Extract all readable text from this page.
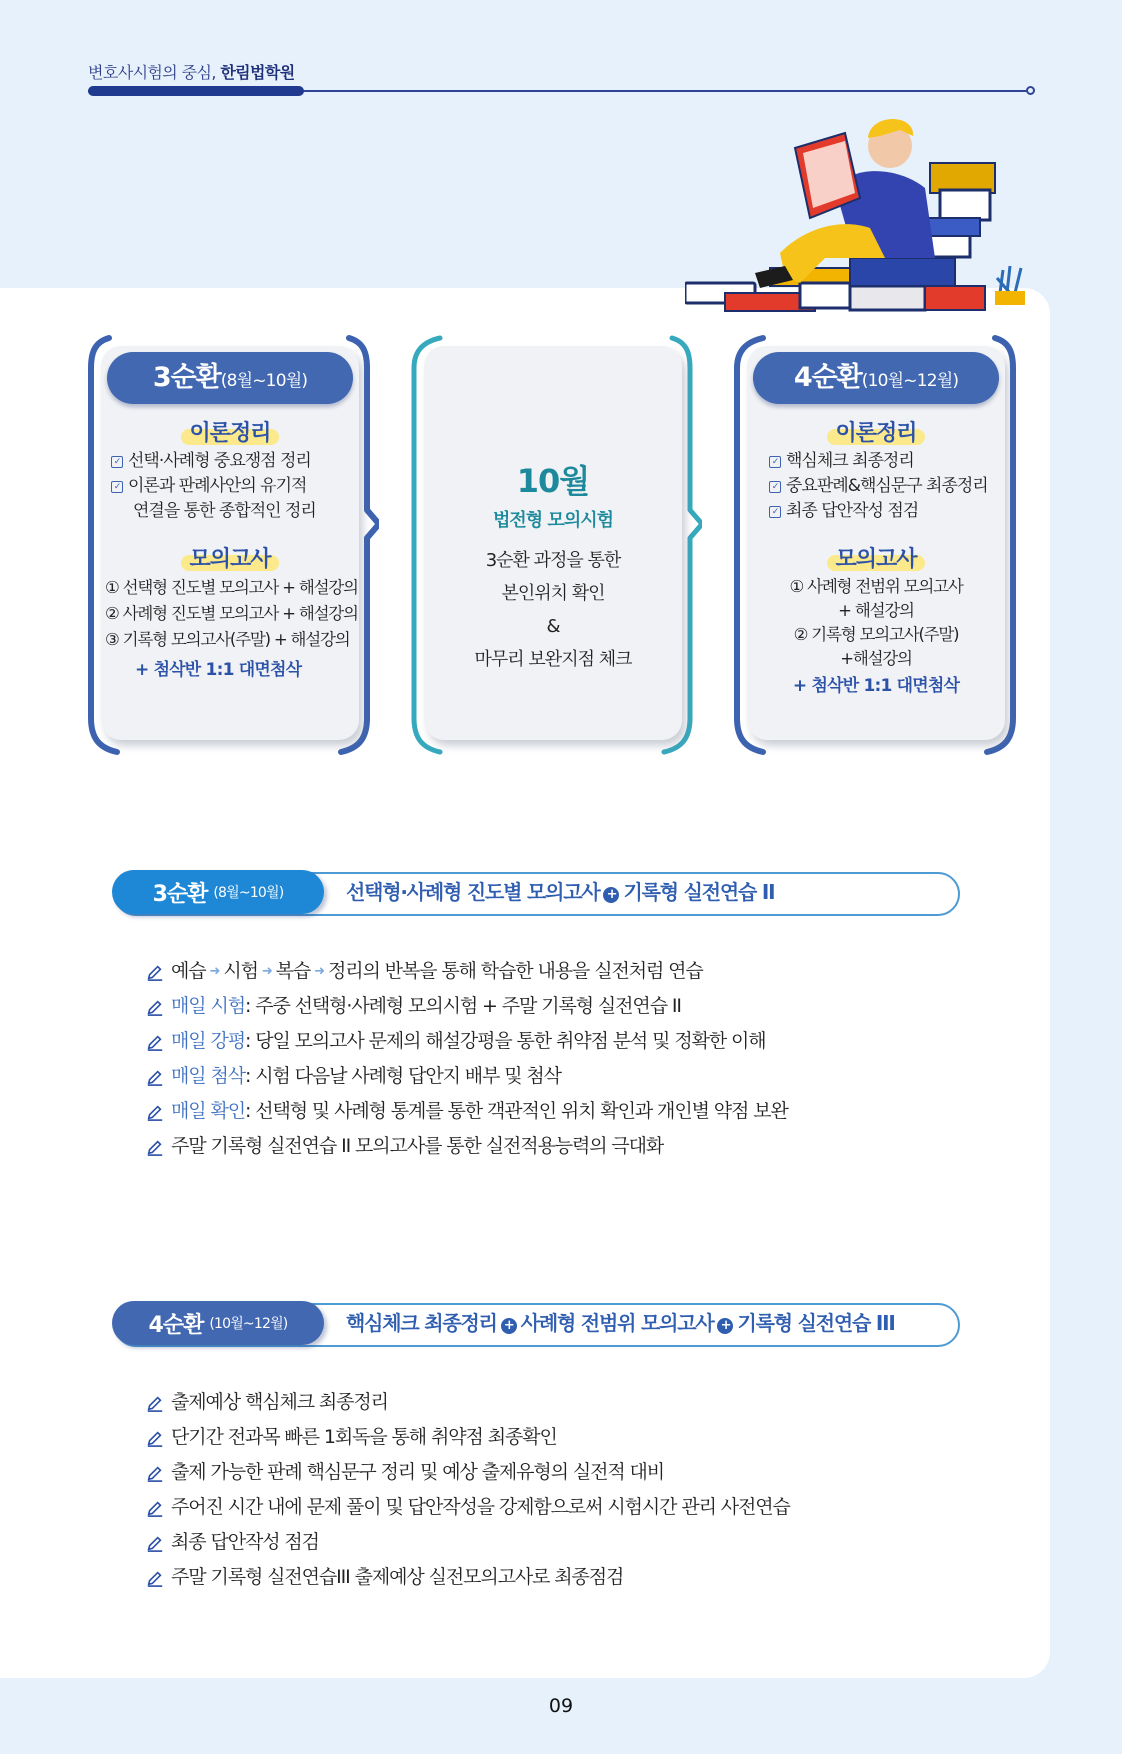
변호사시험의 중심, 한림법학원
3순환(8월~10월)
이론정리
✓ 선택·사례형 중요쟁점 정리
✓ 이론과 판례사안의 유기적
연결을 통한 종합적인 정리
모의고사
① 선택형 진도별 모의고사 + 해설강의
② 사례형 진도별 모의고사 + 해설강의
③ 기록형 모의고사(주말) + 해설강의
+ 첨삭반 1:1 대면첨삭
10월
법전형 모의시험
3순환 과정을 통한
본인위치 확인
&
마무리 보완지점 체크
4순환(10월~12월)
이론정리
✓ 핵심체크 최종정리
✓ 중요판례&핵심문구 최종정리
✓ 최종 답안작성 점검
모의고사
① 사례형 전범위 모의고사
+ 해설강의
② 기록형 모의고사(주말)
+해설강의
+ 첨삭반 1:1 대면첨삭
3순환 (8월~10월)	선택형·사례형 진도별 모의고사 + 기록형 실전연습 II
예습 ➜ 시험 ➜ 복습 ➜ 정리의 반복을 통해 학습한 내용을 실전처럼 연습
매일 시험 : 주중 선택형·사례형 모의시험 + 주말 기록형 실전연습 II
매일 강평 : 당일 모의고사 문제의 해설강평을 통한 취약점 분석 및 정확한 이해
매일 첨삭 : 시험 다음날 사례형 답안지 배부 및 첨삭
매일 확인 : 선택형 및 사례형 통계를 통한 객관적인 위치 확인과 개인별 약점 보완
주말 기록형 실전연습 II 모의고사를 통한 실전적용능력의 극대화
4순환 (10월~12월)	핵심체크 최종정리 + 사례형 전범위 모의고사 + 기록형 실전연습 III
출제예상 핵심체크 최종정리
단기간 전과목 빠른 1회독을 통해 취약점 최종확인
출제 가능한 판례 핵심문구 정리 및 예상 출제유형의 실전적 대비
주어진 시간 내에 문제 풀이 및 답안작성을 강제함으로써 시험시간 관리 사전연습
최종 답안작성 점검
주말 기록형 실전연습III 출제예상 실전모의고사로 최종점검
09
